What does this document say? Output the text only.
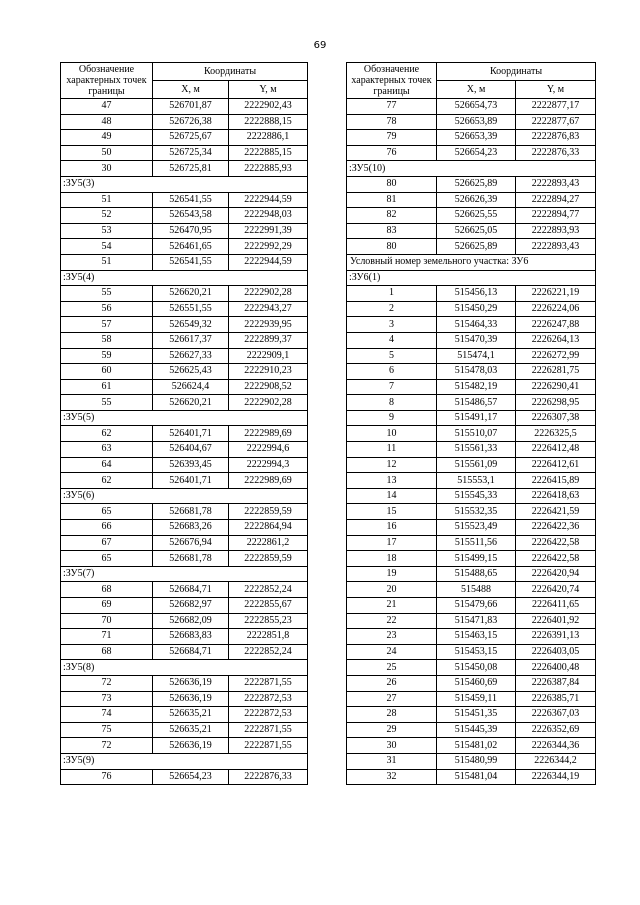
69
Обозначение характерных точек границы	Координаты	
	X, м	Y, м
47	526701,87	2222902,43
48	526726,38	2222888,15
49	526725,67	2222886,1
50	526725,34	2222885,15
30	526725,81	2222885,93
:ЗУ5(3)		
51	526541,55	2222944,59
52	526543,58	2222948,03
53	526470,95	2222991,39
54	526461,65	2222992,29
51	526541,55	2222944,59
:ЗУ5(4)		
55	526620,21	2222902,28
56	526551,55	2222943,27
57	526549,32	2222939,95
58	526617,37	2222899,37
59	526627,33	2222909,1
60	526625,43	2222910,23
61	526624,4	2222908,52
55	526620,21	2222902,28
:ЗУ5(5)		
62	526401,71	2222989,69
63	526404,67	2222994,6
64	526393,45	2222994,3
62	526401,71	2222989,69
:ЗУ5(6)		
65	526681,78	2222859,59
66	526683,26	2222864,94
67	526676,94	2222861,2
65	526681,78	2222859,59
:ЗУ5(7)		
68	526684,71	2222852,24
69	526682,97	2222855,67
70	526682,09	2222855,23
71	526683,83	2222851,8
68	526684,71	2222852,24
:ЗУ5(8)		
72	526636,19	2222871,55
73	526636,19	2222872,53
74	526635,21	2222872,53
75	526635,21	2222871,55
72	526636,19	2222871,55
:ЗУ5(9)		
76	526654,23	2222876,33
Обозначение характерных точек границы	Координаты	
	X, м	Y, м
77	526654,73	2222877,17
78	526653,89	2222877,67
79	526653,39	2222876,83
76	526654,23	2222876,33
:ЗУ5(10)		
80	526625,89	2222893,43
81	526626,39	2222894,27
82	526625,55	2222894,77
83	526625,05	2222893,93
80	526625,89	2222893,43
Условный номер земельного участка: ЗУ6		
:ЗУ6(1)		
1	515456,13	2226221,19
2	515450,29	2226224,06
3	515464,33	2226247,88
4	515470,39	2226264,13
5	515474,1	2226272,99
6	515478,03	2226281,75
7	515482,19	2226290,41
8	515486,57	2226298,95
9	515491,17	2226307,38
10	515510,07	2226325,5
11	515561,33	2226412,48
12	515561,09	2226412,61
13	515553,1	2226415,89
14	515545,33	2226418,63
15	515532,35	2226421,59
16	515523,49	2226422,36
17	515511,56	2226422,58
18	515499,15	2226422,58
19	515488,65	2226420,94
20	515488	2226420,74
21	515479,66	2226411,65
22	515471,83	2226401,92
23	515463,15	2226391,13
24	515453,15	2226403,05
25	515450,08	2226400,48
26	515460,69	2226387,84
27	515459,11	2226385,71
28	515451,35	2226367,03
29	515445,39	2226352,69
30	515481,02	2226344,36
31	515480,99	2226344,2
32	515481,04	2226344,19
